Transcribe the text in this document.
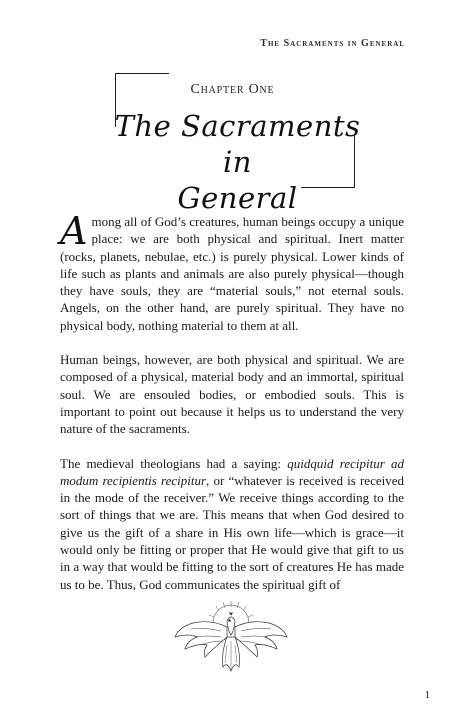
The Sacraments in General
Chapter One
The Sacraments in
General

Among all of God’s creatures, human beings occupy a unique place: we are both physical and spiritual. Inert matter (rocks, planets, nebulae, etc.) is purely physical. Lower kinds of life such as plants and animals are also purely physical—though they have souls, they are “material souls,” not eternal souls. Angels, on the other hand, are purely spiritual. They have no physical body, nothing material to them at all.

Human beings, however, are both physical and spiritual. We are composed of a physical, material body and an immortal, spiritual soul. We are ensouled bodies, or embodied souls. This is important to point out because it helps us to understand the very nature of the sacraments.

The medieval theologians had a saying: quidquid recipitur ad modum recipientis recipitur, or “whatever is received is received in the mode of the receiver.” We receive things according to the sort of things that we are. This means that when God desired to give us the gift of a share in His own life—which is grace—it would only be fitting or proper that He would give that gift to us in a way that would be fitting to the sort of creatures He has made us to be. Thus, God communicates the spiritual gift of

1
